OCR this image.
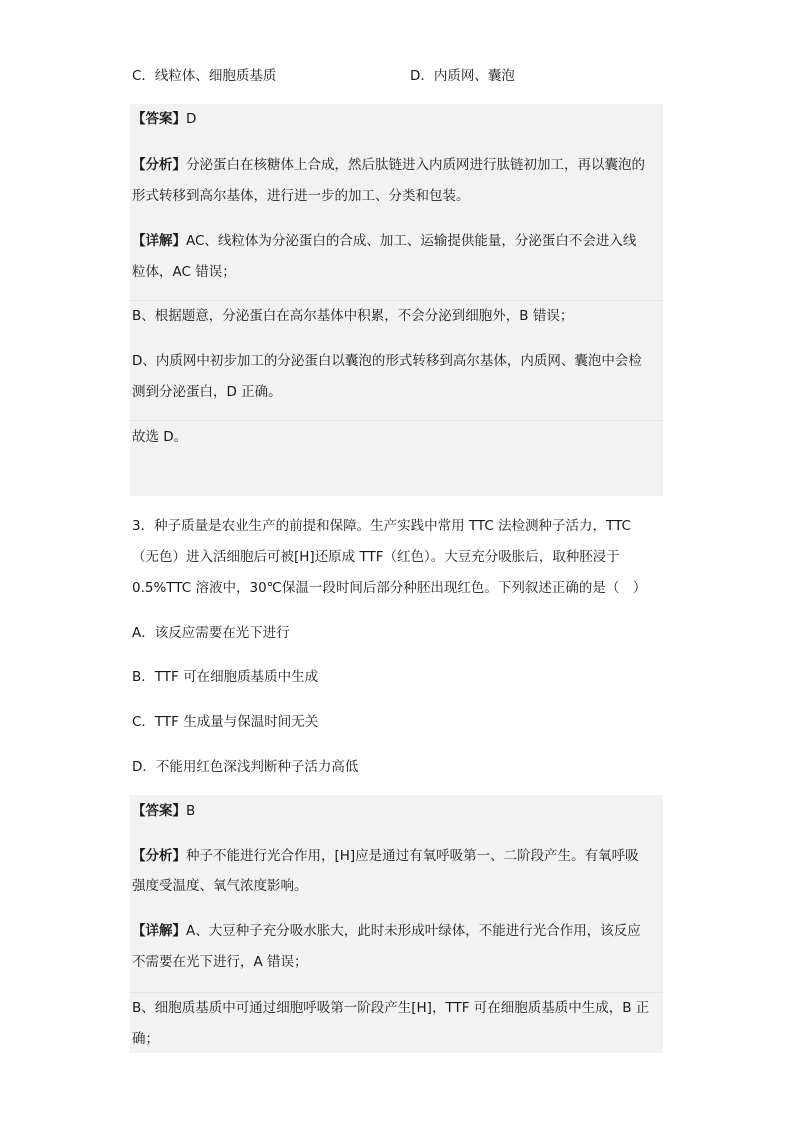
C．线粒体、细胞质基质	D．内质网、囊泡
【答案】D
【分析】分泌蛋白在核糖体上合成，然后肽链进入内质网进行肽链初加工，再以囊泡的
形式转移到高尔基体，进行进一步的加工、分类和包装。
【详解】AC、线粒体为分泌蛋白的合成、加工、运输提供能量，分泌蛋白不会进入线
粒体，AC 错误；
B、根据题意，分泌蛋白在高尔基体中积累，不会分泌到细胞外，B 错误；
D、内质网中初步加工的分泌蛋白以囊泡的形式转移到高尔基体，内质网、囊泡中会检
测到分泌蛋白，D 正确。
故选 D。
3．种子质量是农业生产的前提和保障。生产实践中常用 TTC 法检测种子活力，TTC
（无色）进入活细胞后可被[H]还原成 TTF（红色）。大豆充分吸胀后，取种胚浸于
0.5%TTC 溶液中，30℃保温一段时间后部分种胚出现红色。下列叙述正确的是（　）
A．该反应需要在光下进行
B．TTF 可在细胞质基质中生成
C．TTF 生成量与保温时间无关
D．不能用红色深浅判断种子活力高低
【答案】B
【分析】种子不能进行光合作用，[H]应是通过有氧呼吸第一、二阶段产生。有氧呼吸
强度受温度、氧气浓度影响。
【详解】A、大豆种子充分吸水胀大，此时未形成叶绿体，不能进行光合作用，该反应
不需要在光下进行，A 错误；
B、细胞质基质中可通过细胞呼吸第一阶段产生[H]，TTF 可在细胞质基质中生成，B 正
确；
